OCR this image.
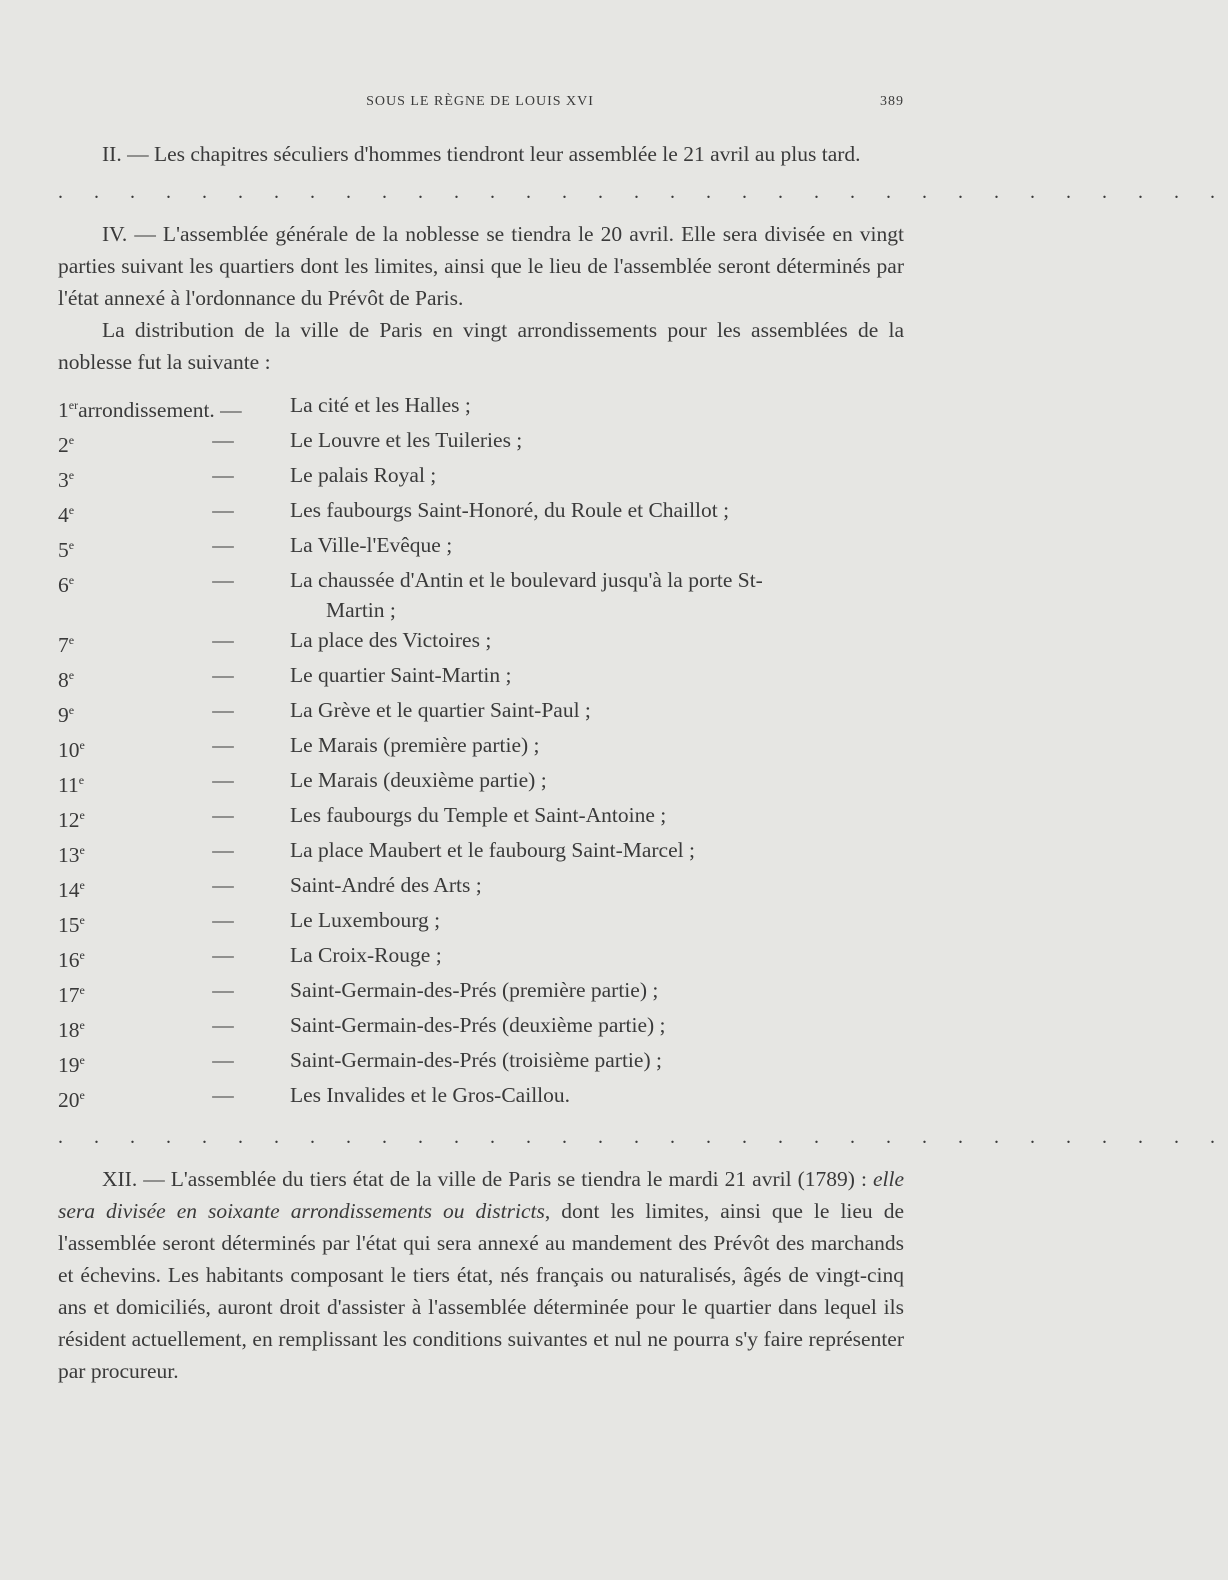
SOUS LE RÈGNE DE LOUIS XVI	389

II. — Les chapitres séculiers d'hommes tiendront leur assemblée le 21 avril au plus tard.

. . . . . . . . . . . . . . . . . . . . . . . . . . . . . . . . .

IV. — L'assemblée générale de la noblesse se tiendra le 20 avril. Elle sera divisée en vingt parties suivant les quartiers dont les limites, ainsi que le lieu de l'assemblée seront déterminés par l'état annexé à l'ordonnance du Prévôt de Paris.

La distribution de la ville de Paris en vingt arrondissements pour les assemblées de la noblesse fut la suivante :

1erarrondissement. —	La cité et les Halles ;
2e	—	Le Louvre et les Tuileries ;
3e	—	Le palais Royal ;
4e	—	Les faubourgs Saint-Honoré, du Roule et Chaillot ;
5e	—	La Ville-l'Evêque ;
6e	—	La chaussée d'Antin et le boulevard jusqu'à la porte St-
Martin ;
7e	—	La place des Victoires ;
8e	—	Le quartier Saint-Martin ;
9e	—	La Grève et le quartier Saint-Paul ;
10e	—	Le Marais (première partie) ;
11e	—	Le Marais (deuxième partie) ;
12e	—	Les faubourgs du Temple et Saint-Antoine ;
13e	—	La place Maubert et le faubourg Saint-Marcel ;
14e	—	Saint-André des Arts ;
15e	—	Le Luxembourg ;
16e	—	La Croix-Rouge ;
17e	—	Saint-Germain-des-Prés (première partie) ;
18e	—	Saint-Germain-des-Prés (deuxième partie) ;
19e	—	Saint-Germain-des-Prés (troisième partie) ;
20e	—	Les Invalides et le Gros-Caillou.
. . . . . . . . . . . . . . . . . . . . . . . . . . . . . . . . .

XII. — L'assemblée du tiers état de la ville de Paris se tiendra le mardi 21 avril (1789) : elle sera divisée en soixante arrondissements ou districts, dont les limites, ainsi que le lieu de l'assemblée seront déterminés par l'état qui sera annexé au mandement des Prévôt des marchands et échevins. Les habitants composant le tiers état, nés français ou naturalisés, âgés de vingt-cinq ans et domiciliés, auront droit d'assister à l'assemblée déterminée pour le quartier dans lequel ils résident actuellement, en remplissant les conditions suivantes et nul ne pourra s'y faire représenter par procureur.
